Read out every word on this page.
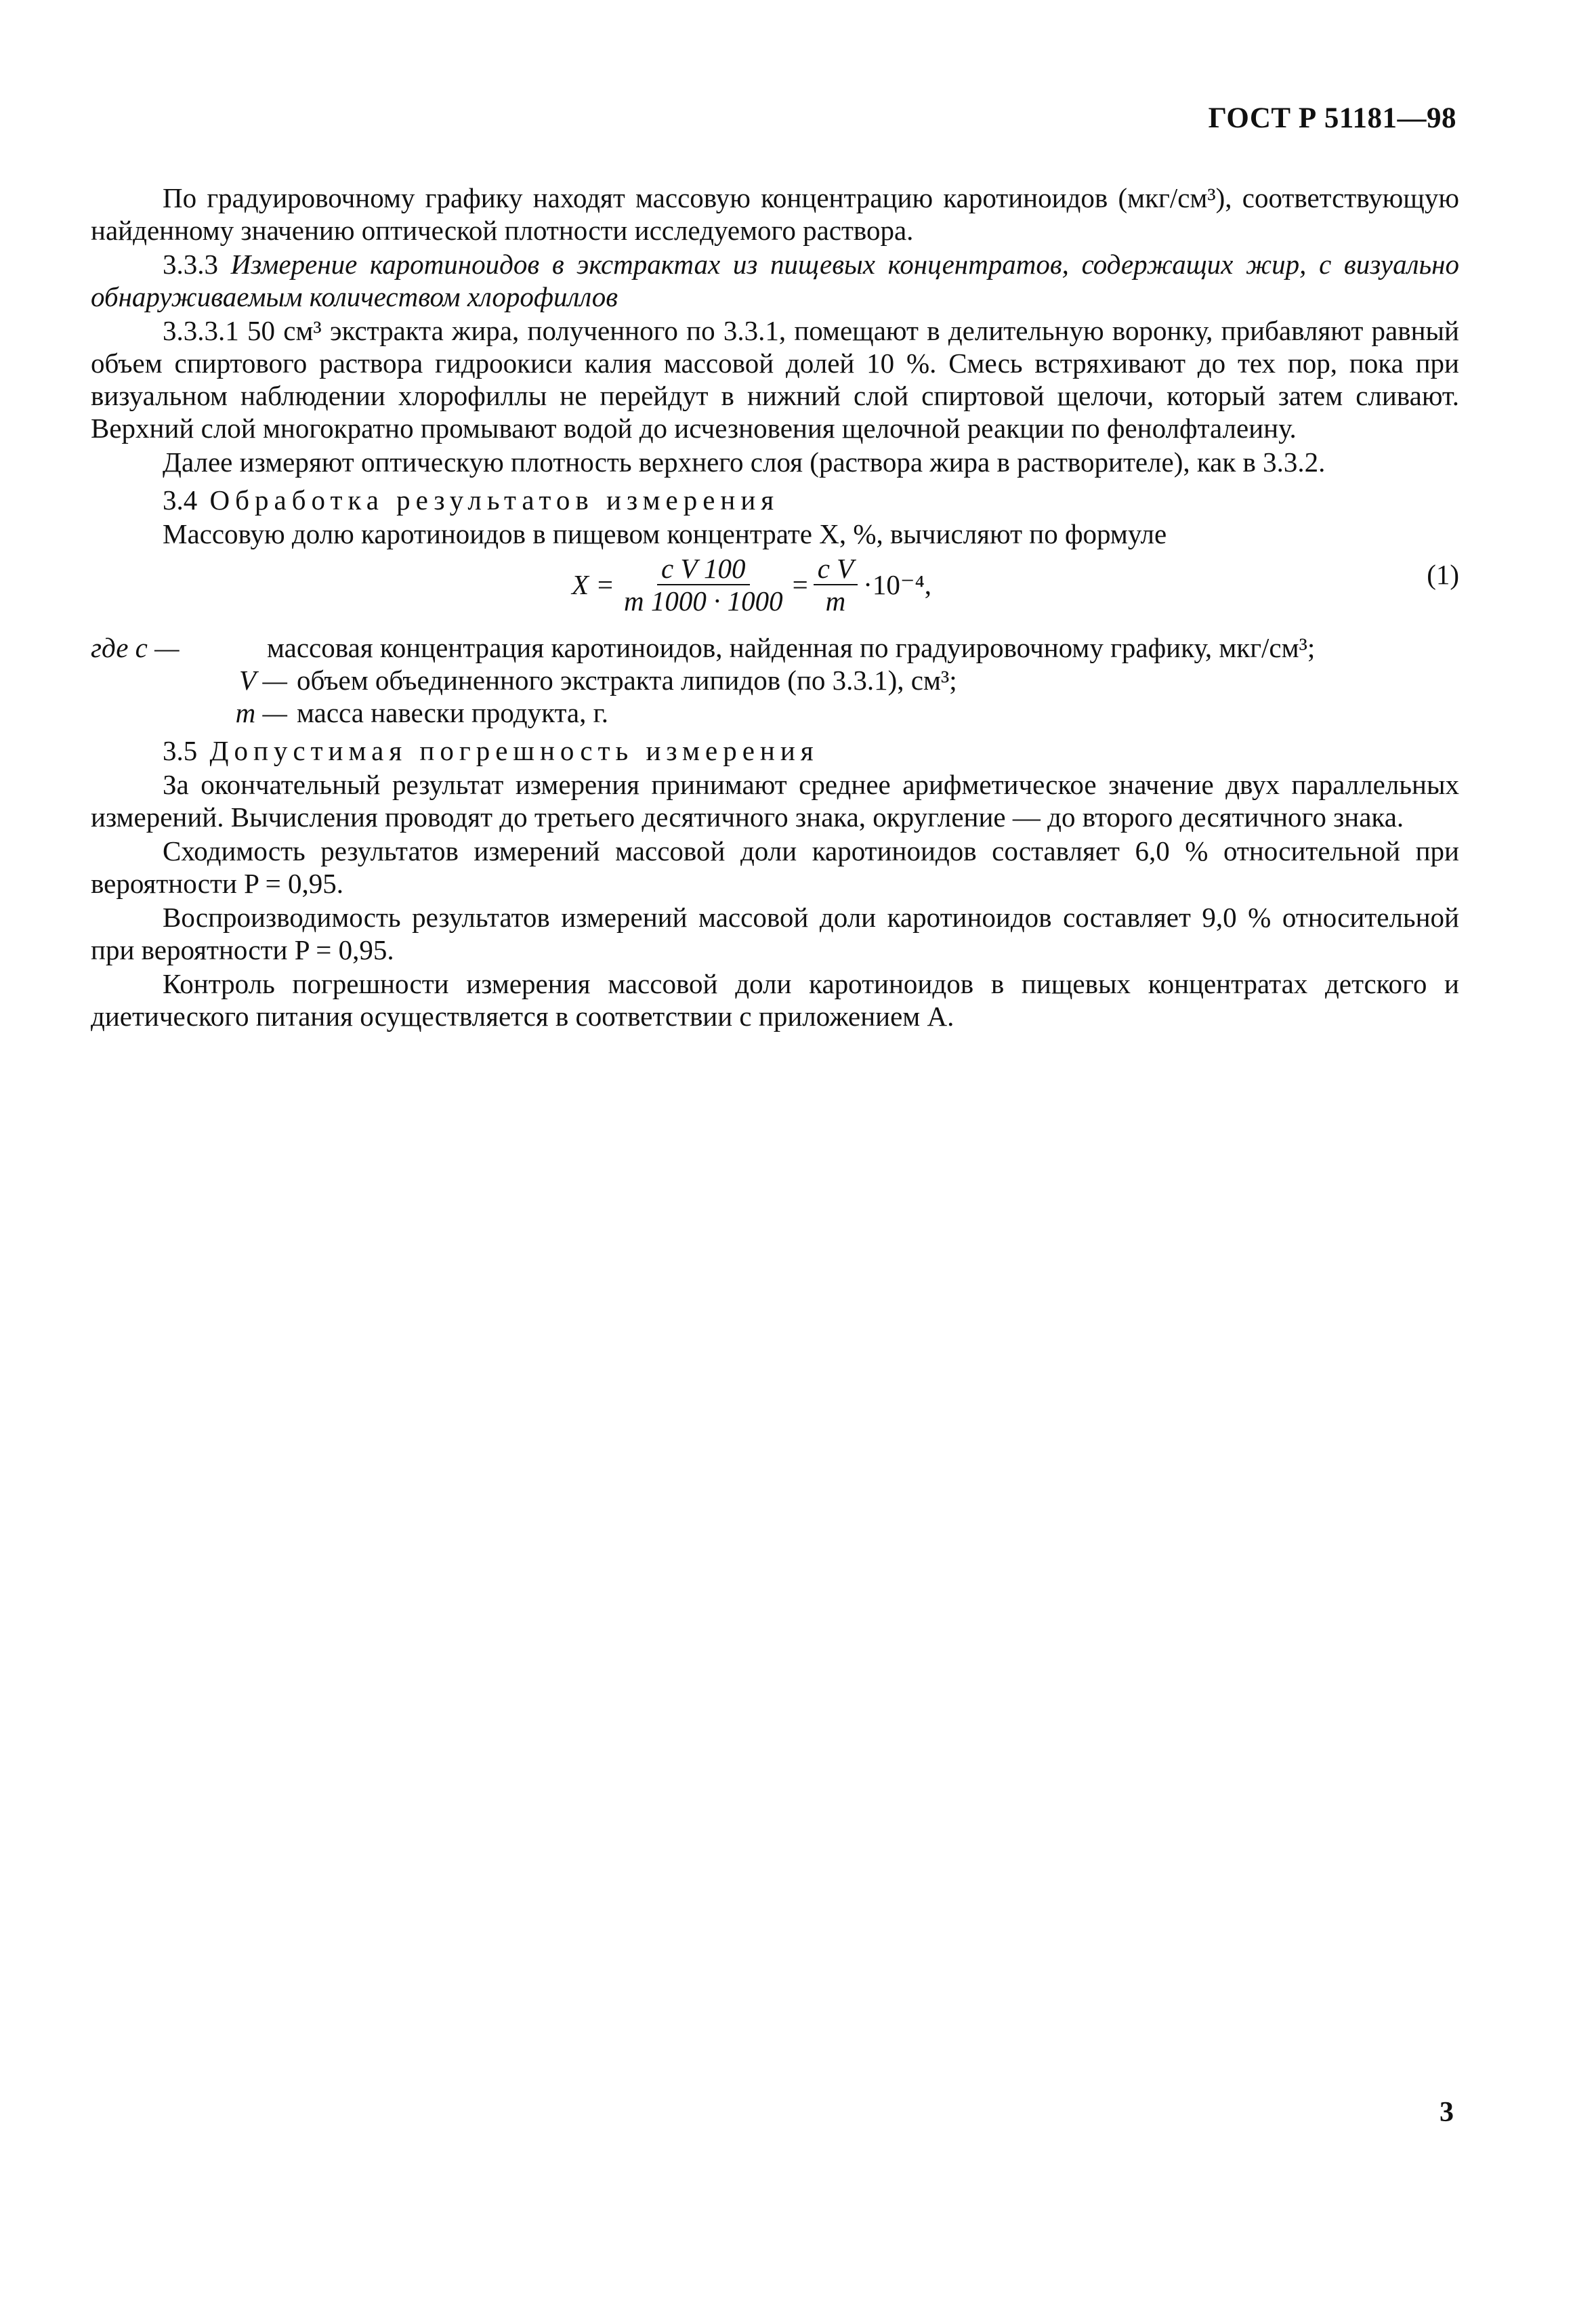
ГОСТ Р 51181—98

По градуировочному графику находят массовую концентрацию каротиноидов (мкг/см³), соответствующую найденному значению оптической плотности исследуемого раствора.

3.3.3 Измерение каротиноидов в экстрактах из пищевых концентратов, содержащих жир, с визуально обнаруживаемым количеством хлорофиллов

3.3.3.1 50 см³ экстракта жира, полученного по 3.3.1, помещают в делительную воронку, прибавляют равный объем спиртового раствора гидроокиси калия массовой долей 10 %. Смесь встряхивают до тех пор, пока при визуальном наблюдении хлорофиллы не перейдут в нижний слой спиртовой щелочи, который затем сливают. Верхний слой многократно промывают водой до исчезновения щелочной реакции по фенолфталеину.

Далее измеряют оптическую плотность верхнего слоя (раствора жира в растворителе), как в 3.3.2.

3.4 Обработка результатов измерения

Массовую долю каротиноидов в пищевом концентрате X, %, вычисляют по формуле

$X = \frac{\text{c V 100}}{m 1000 \cdot 1000} = \frac{\text{c V}}{m} \cdot 10^{-4}$,	(1)
где c —	массовая концентрация каротиноидов, найденная по градуировочному графику, мкг/см³;
V — объем объединенного экстракта липидов (по 3.3.1), см³;
m — масса навески продукта, г.

3.5 Допустимая погрешность измерения

За окончательный результат измерения принимают среднее арифметическое значение двух параллельных измерений. Вычисления проводят до третьего десятичного знака, округление — до второго десятичного знака.

Сходимость результатов измерений массовой доли каротиноидов составляет 6,0 % относительной при вероятности P = 0,95.

Воспроизводимость результатов измерений массовой доли каротиноидов составляет 9,0 % относительной при вероятности P = 0,95.

Контроль погрешности измерения массовой доли каротиноидов в пищевых концентратах детского и диетического питания осуществляется в соответствии с приложением А.

3
